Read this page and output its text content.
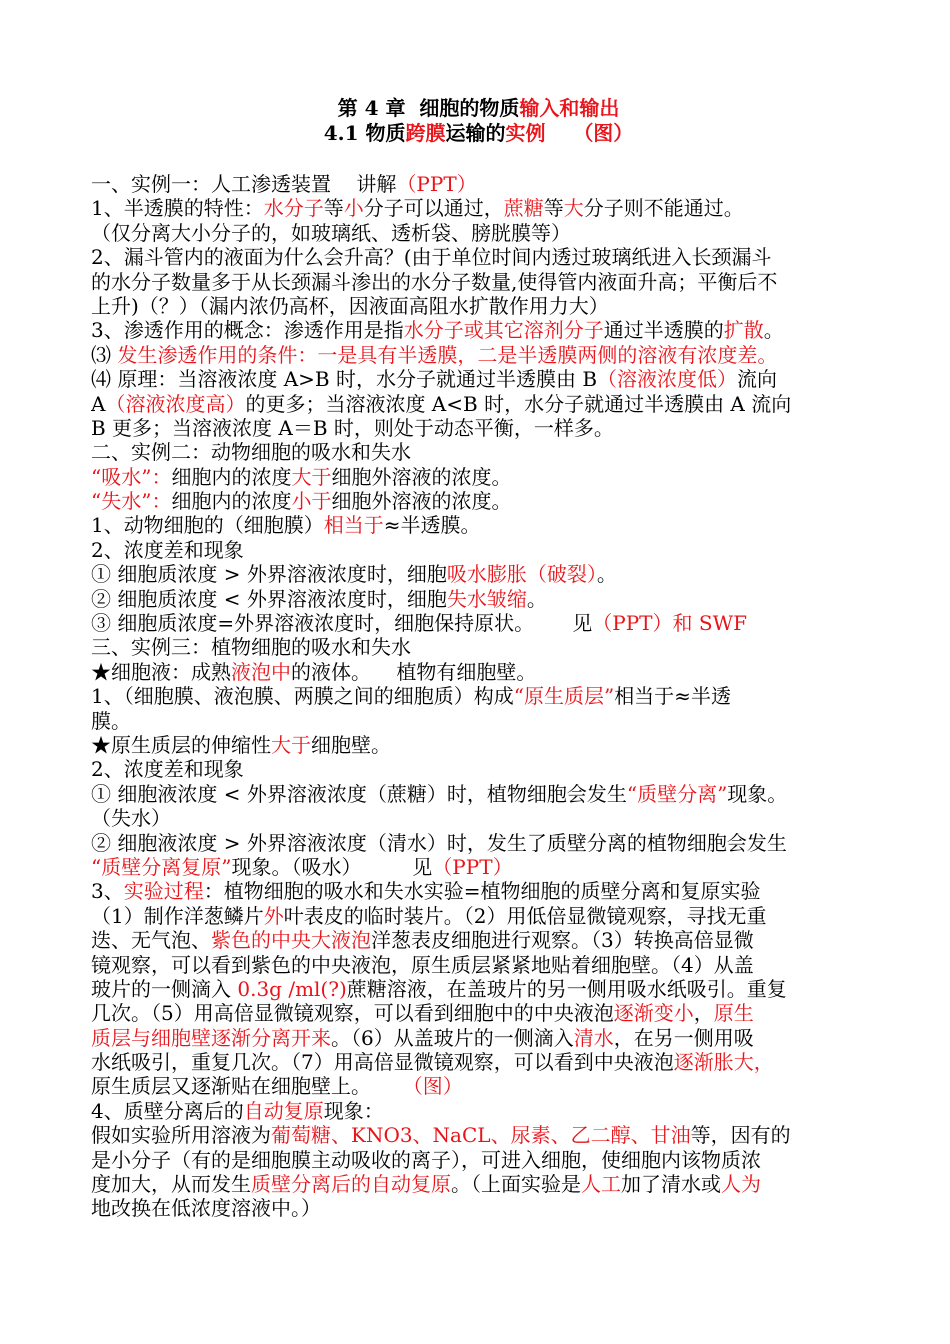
第 4 章  细胞的物质输入和输出
4.1 物质跨膜运输的实例 （图）
一、实例一：人工渗透装置    讲解（PPT）
1、半透膜的特性：水分子等小分子可以通过，蔗糖等大分子则不能通过。
（仅分离大小分子的，如玻璃纸、透析袋、膀胱膜等）
2、漏斗管内的液面为什么会升高？(由于单位时间内透过玻璃纸进入长颈漏斗
的水分子数量多于从长颈漏斗渗出的水分子数量,使得管内液面升高；平衡后不
上升)（？）（漏内浓仍高杯，因液面高阻水扩散作用力大）
3、渗透作用的概念：渗透作用是指水分子或其它溶剂分子通过半透膜的扩散。
⑶ 发生渗透作用的条件：一是具有半透膜，二是半透膜两侧的溶液有浓度差。
⑷ 原理：当溶液浓度 A>B 时，水分子就通过半透膜由 B（溶液浓度低）流向
A（溶液浓度高）的更多；当溶液浓度 A<B 时，水分子就通过半透膜由 A 流向
B 更多；当溶液浓度 A＝B 时，则处于动态平衡，一样多。
二、实例二：动物细胞的吸水和失水
“吸水”：细胞内的浓度大于细胞外溶液的浓度。
“失水”：细胞内的浓度小于细胞外溶液的浓度。
1、动物细胞的（细胞膜）相当于≈半透膜。
2、浓度差和现象
① 细胞质浓度 > 外界溶液浓度时，细胞吸水膨胀（破裂）。
② 细胞质浓度 < 外界溶液浓度时，细胞失水皱缩。
③ 细胞质浓度=外界溶液浓度时，细胞保持原状。      见（PPT）和 SWF
三、实例三：植物细胞的吸水和失水
★细胞液：成熟液泡中的液体。    植物有细胞壁。
1、（细胞膜、液泡膜、两膜之间的细胞质）构成“原生质层”相当于≈半透
膜。
★原生质层的伸缩性大于细胞壁。
2、浓度差和现象
① 细胞液浓度 < 外界溶液浓度（蔗糖）时，植物细胞会发生“质壁分离”现象。
（失水）
② 细胞液浓度 > 外界溶液浓度（清水）时，发生了质壁分离的植物细胞会发生
“质壁分离复原”现象。（吸水）        见（PPT）
3、实验过程：植物细胞的吸水和失水实验=植物细胞的质壁分离和复原实验
（1）制作洋葱鳞片外叶表皮的临时装片。（2）用低倍显微镜观察，寻找无重
迭、无气泡、紫色的中央大液泡洋葱表皮细胞进行观察。（3）转换高倍显微
镜观察，可以看到紫色的中央液泡，原生质层紧紧地贴着细胞壁。（4）从盖
玻片的一侧滴入 0.3g /ml(?)蔗糖溶液，在盖玻片的另一侧用吸水纸吸引。重复
几次。（5）用高倍显微镜观察，可以看到细胞中的中央液泡逐渐变小，原生
质层与细胞壁逐渐分离开来。（6）从盖玻片的一侧滴入清水，在另一侧用吸
水纸吸引，重复几次。（7）用高倍显微镜观察，可以看到中央液泡逐渐胀大，
原生质层又逐渐贴在细胞壁上。     （图）
4、质壁分离后的自动复原现象：
假如实验所用溶液为葡萄糖、KNO3、NaCL、尿素、乙二醇、甘油等，因有的
是小分子（有的是细胞膜主动吸收的离子），可进入细胞，使细胞内该物质浓
度加大，从而发生质壁分离后的自动复原。（上面实验是人工加了清水或人为
地改换在低浓度溶液中。）
